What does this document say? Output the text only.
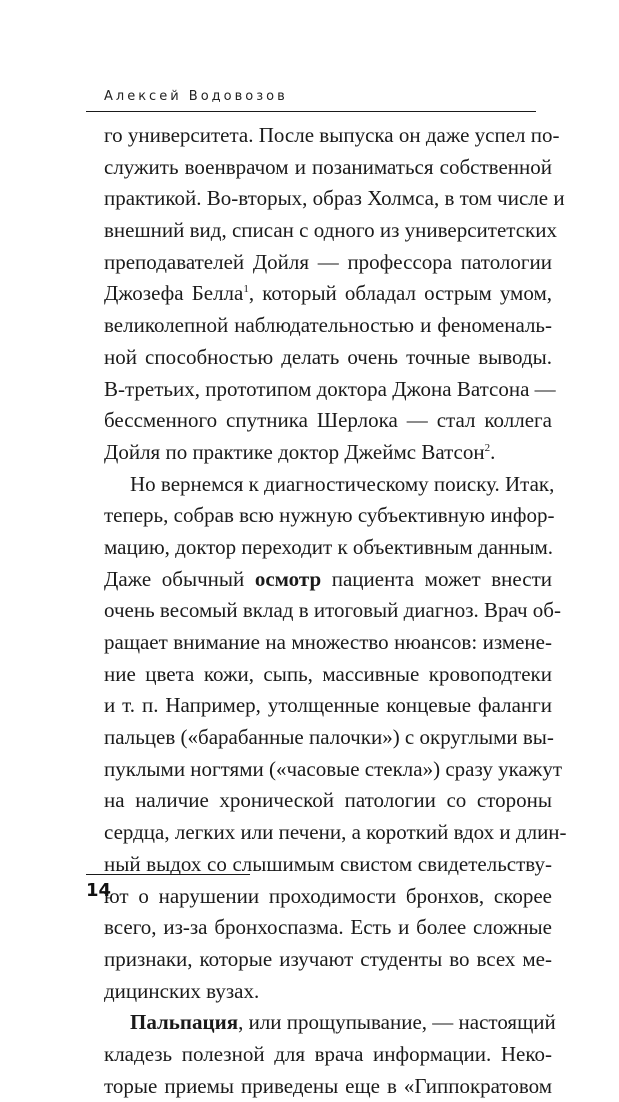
Алексей Водовозов
го университета. После выпуска он даже успел по-
служить военврачом и позаниматься собственной
практикой. Во-вторых, образ Холмса, в том числе и
внешний вид, списан с одного из университетских
преподавателей Дойля — профессора патологии
Джозефа Белла$^1$, который обладал острым умом,
великолепной наблюдательностью и феноменаль-
ной способностью делать очень точные выводы.
В-третьих, прототипом доктора Джона Ватсона —
бессменного спутника Шерлока — стал коллега
Дойля по практике доктор Джеймс Ватсон$^2$.
Но вернемся к диагностическому поиску. Итак,
теперь, собрав всю нужную субъективную инфор-
мацию, доктор переходит к объективным данным.
Даже обычный осмотр пациента может внести
очень весомый вклад в итоговый диагноз. Врач об-
ращает внимание на множество нюансов: измене-
ние цвета кожи, сыпь, массивные кровоподтеки
и т. п. Например, утолщенные концевые фаланги
пальцев («барабанные палочки») с округлыми вы-
пуклыми ногтями («часовые стекла») сразу укажут
на наличие хронической патологии со стороны
сердца, легких или печени, а короткий вдох и длин-
ный выдох со слышимым свистом свидетельству-
ют о нарушении проходимости бронхов, скорее
всего, из-за бронхоспазма. Есть и более сложные
признаки, которые изучают студенты во всех ме-
дицинских вузах.
Пальпация, или прощупывание, — настоящий
кладезь полезной для врача информации. Неко-
торые приемы приведены еще в «Гиппократовом
14
